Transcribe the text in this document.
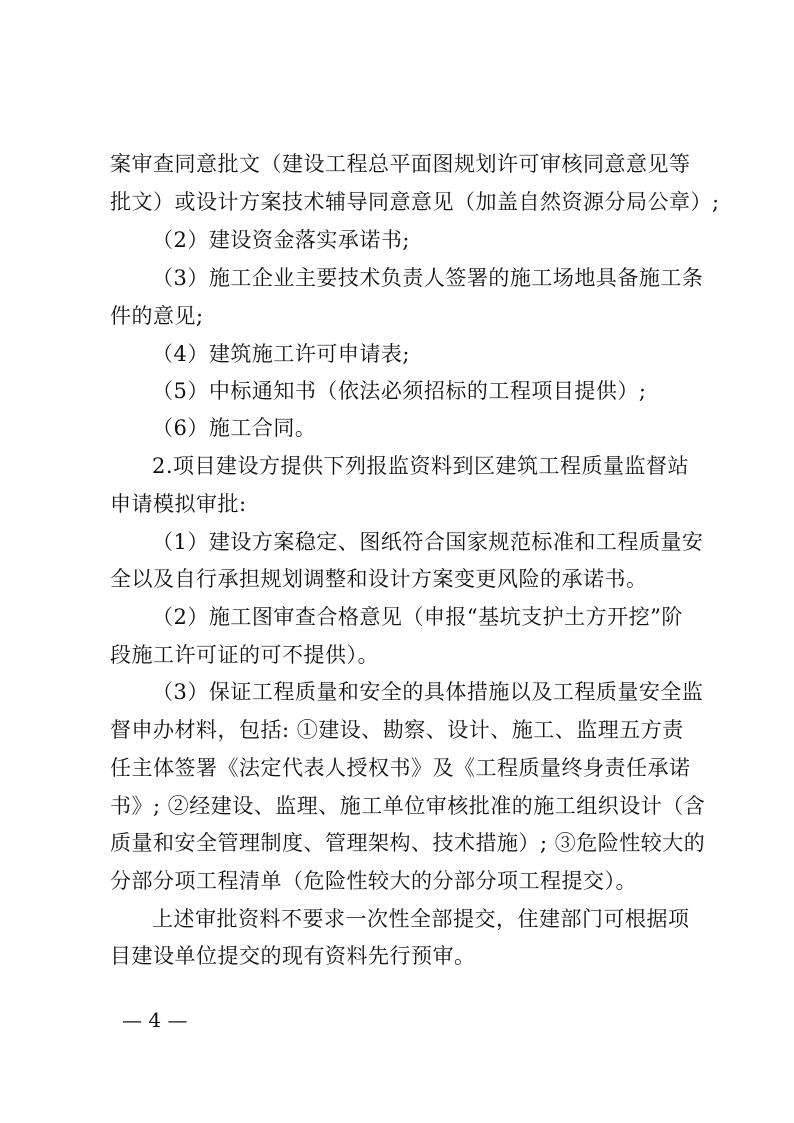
案审查同意批文（建设工程总平面图规划许可审核同意意见等
批文）或设计方案技术辅导同意意见（加盖自然资源分局公章）;
（2）建设资金落实承诺书;
（3）施工企业主要技术负责人签署的施工场地具备施工条
件的意见;
（4）建筑施工许可申请表;
（5）中标通知书（依法必须招标的工程项目提供）;
（6）施工合同。
2.项目建设方提供下列报监资料到区建筑工程质量监督站
申请模拟审批:
（1）建设方案稳定、图纸符合国家规范标准和工程质量安
全以及自行承担规划调整和设计方案变更风险的承诺书。
（2）施工图审查合格意见（申报“基坑支护土方开挖”阶
段施工许可证的可不提供）。
（3）保证工程质量和安全的具体措施以及工程质量安全监
督申办材料，包括: ①建设、勘察、设计、施工、监理五方责
任主体签署《法定代表人授权书》及《工程质量终身责任承诺
书》; ②经建设、监理、施工单位审核批准的施工组织设计（含
质量和安全管理制度、管理架构、技术措施）; ③危险性较大的
分部分项工程清单（危险性较大的分部分项工程提交）。
上述审批资料不要求一次性全部提交，住建部门可根据项
目建设单位提交的现有资料先行预审。
— 4 —
